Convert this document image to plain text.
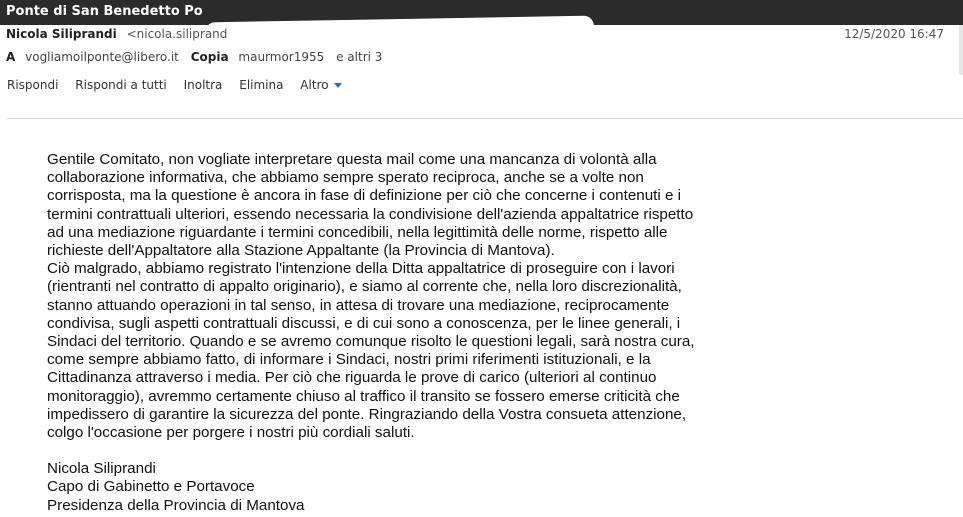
Ponte di San Benedetto Po
Nicola Siliprandi <nicola.siliprand	12/5/2020 16:47
A vogliamoilponte@libero.it Copia maurmor1955 e altri 3
Rispondi Rispondi a tutti Inoltra Elimina Altro

Gentile Comitato, non vogliate interpretare questa mail come una mancanza di volontà alla

collaborazione informativa, che abbiamo sempre sperato reciproca, anche se a volte non

corrisposta, ma la questione è ancora in fase di definizione per ciò che concerne i contenuti e i

termini contrattuali ulteriori, essendo necessaria la condivisione dell'azienda appaltatrice rispetto

ad una mediazione riguardante i termini concedibili, nella legittimità delle norme, rispetto alle

richieste dell'Appaltatore alla Stazione Appaltante (la Provincia di Mantova).

Ciò malgrado, abbiamo registrato l'intenzione della Ditta appaltatrice di proseguire con i lavori

(rientranti nel contratto di appalto originario), e siamo al corrente che, nella loro discrezionalità,

stanno attuando operazioni in tal senso, in attesa di trovare una mediazione, reciprocamente

condivisa, sugli aspetti contrattuali discussi, e di cui sono a conoscenza, per le linee generali, i

Sindaci del territorio. Quando e se avremo comunque risolto le questioni legali, sarà nostra cura,

come sempre abbiamo fatto, di informare i Sindaci, nostri primi riferimenti istituzionali, e la

Cittadinanza attraverso i media. Per ciò che riguarda le prove di carico (ulteriori al continuo

monitoraggio), avremmo certamente chiuso al traffico il transito se fossero emerse criticità che

impedissero di garantire la sicurezza del ponte. Ringraziando della Vostra consueta attenzione,

colgo l'occasione per porgere i nostri più cordiali saluti.

Nicola Siliprandi

Capo di Gabinetto e Portavoce

Presidenza della Provincia di Mantova
